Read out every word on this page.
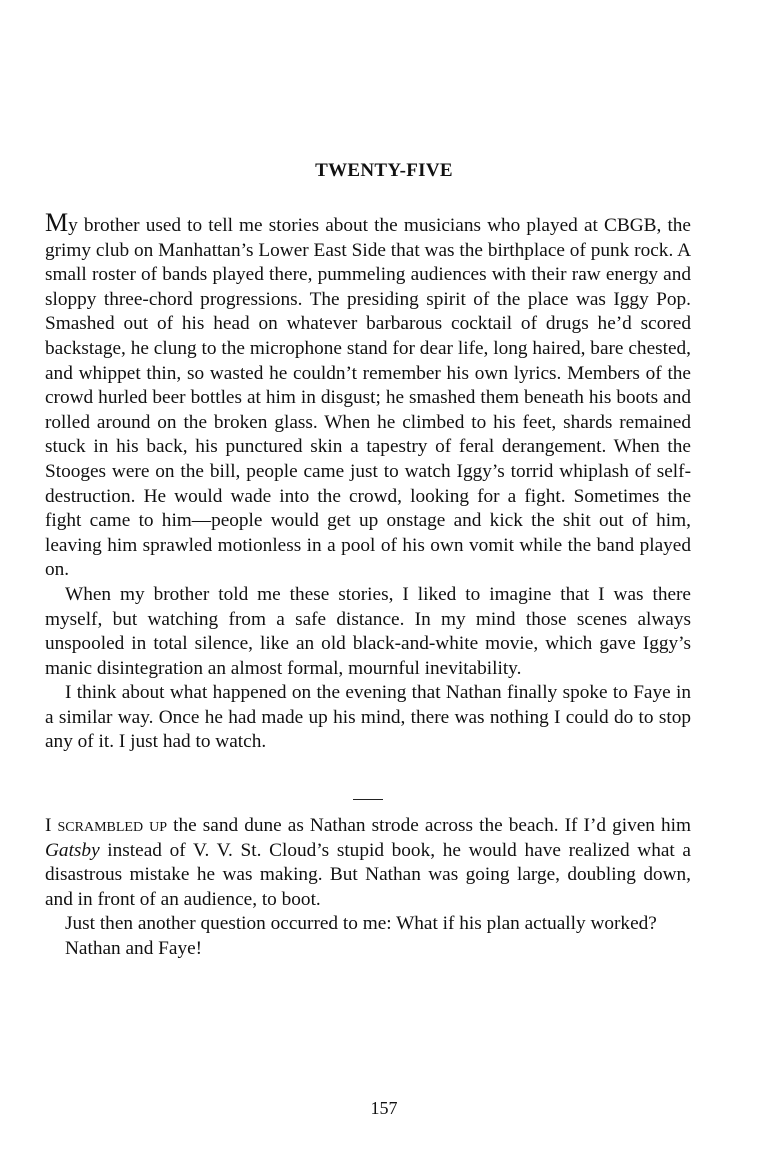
TWENTY-FIVE

My brother used to tell me stories about the musicians who played at CBGB, the grimy club on Manhattan’s Lower East Side that was the birthplace of punk rock. A small roster of bands played there, pummeling audiences with their raw energy and sloppy three-chord progressions. The presiding spirit of the place was Iggy Pop. Smashed out of his head on whatever barbarous cocktail of drugs he’d scored backstage, he clung to the microphone stand for dear life, long haired, bare chested, and whippet thin, so wasted he couldn’t remember his own lyrics. Members of the crowd hurled beer bottles at him in disgust; he smashed them beneath his boots and rolled around on the broken glass. When he climbed to his feet, shards remained stuck in his back, his punctured skin a tapestry of feral derangement. When the Stooges were on the bill, people came just to watch Iggy’s torrid whiplash of self-destruction. He would wade into the crowd, looking for a fight. Sometimes the fight came to him—people would get up onstage and kick the shit out of him, leaving him sprawled motionless in a pool of his own vomit while the band played on.

When my brother told me these stories, I liked to imagine that I was there myself, but watching from a safe distance. In my mind those scenes always unspooled in total silence, like an old black-and-white movie, which gave Iggy’s manic disintegration an almost formal, mournful inevitability.

I think about what happened on the evening that Nathan finally spoke to Faye in a similar way. Once he had made up his mind, there was nothing I could do to stop any of it. I just had to watch.

I scrambled up the sand dune as Nathan strode across the beach. If I’d given him Gatsby instead of V. V. St. Cloud’s stupid book, he would have realized what a disastrous mistake he was making. But Nathan was going large, doubling down, and in front of an audience, to boot.

Just then another question occurred to me: What if his plan actually worked?

Nathan and Faye!

157
